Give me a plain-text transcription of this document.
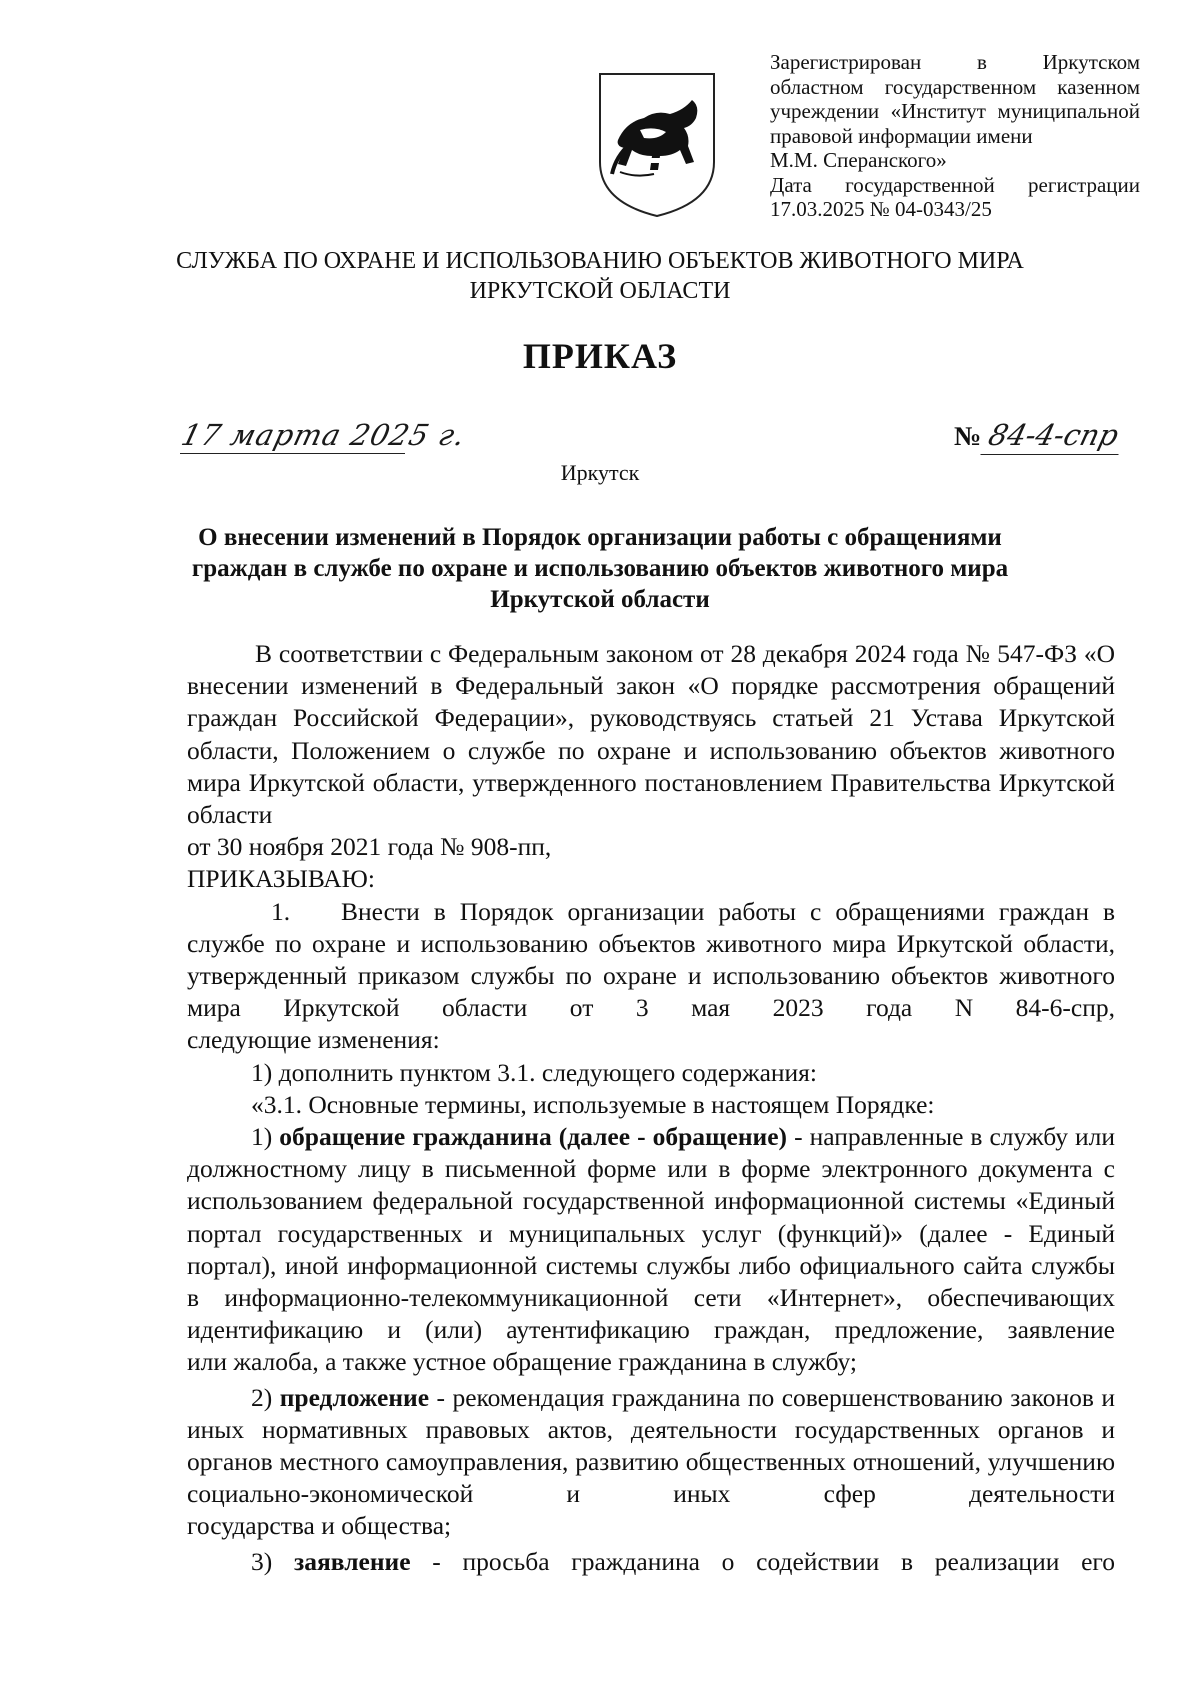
Зарегистрирован в Иркутском
областном государственном казенном
учреждении «Институт муниципальной
правовой информации имени
М.М. Сперанского»
Дата государственной регистрации
17.03.2025 № 04-0343/25
СЛУЖБА ПО ОХРАНЕ И ИСПОЛЬЗОВАНИЮ ОБЪЕКТОВ ЖИВОТНОГО МИРА
ИРКУТСКОЙ ОБЛАСТИ
ПРИКАЗ
17 марта 2025 г.	№ 84-4-спр
Иркутск
О внесении изменений в Порядок организации работы с обращениями
граждан в службе по охране и использованию объектов животного мира
Иркутской области

В соответствии с Федеральным законом от 28 декабря 2024 года № 547-ФЗ «О внесении изменений в Федеральный закон «О порядке рассмотрения обращений граждан Российской Федерации», руководствуясь статьей 21 Устава Иркутской области, Положением о службе по охране и использованию объектов животного мира Иркутской области, утвержденного постановлением Правительства Иркутской области

от 30 ноября 2021 года № 908-пп,

ПРИКАЗЫВАЮ:

1. Внести в Порядок организации работы с обращениями граждан в службе по охране и использованию объектов животного мира Иркутской области, утвержденный приказом службы по охране и использованию объектов животного мира Иркутской области от 3 мая 2023 года N 84-6-спр,

следующие изменения:

1) дополнить пунктом 3.1. следующего содержания:

«3.1. Основные термины, используемые в настоящем Порядке:

1) обращение гражданина (далее - обращение) - направленные в службу или должностному лицу в письменной форме или в форме электронного документа с использованием федеральной государственной информационной системы «Единый портал государственных и муниципальных услуг (функций)» (далее - Единый портал), иной информационной системы службы либо официального сайта службы в информационно-телекоммуникационной сети «Интернет», обеспечивающих идентификацию и (или) аутентификацию граждан, предложение, заявление

или жалоба, а также устное обращение гражданина в службу;

2) предложение - рекомендация гражданина по совершенствованию законов и иных нормативных правовых актов, деятельности государственных органов и органов местного самоуправления, развитию общественных отношений, улучшению социально-экономической и иных сфер деятельности

государства и общества;

3) заявление - просьба гражданина о содействии в реализации его
